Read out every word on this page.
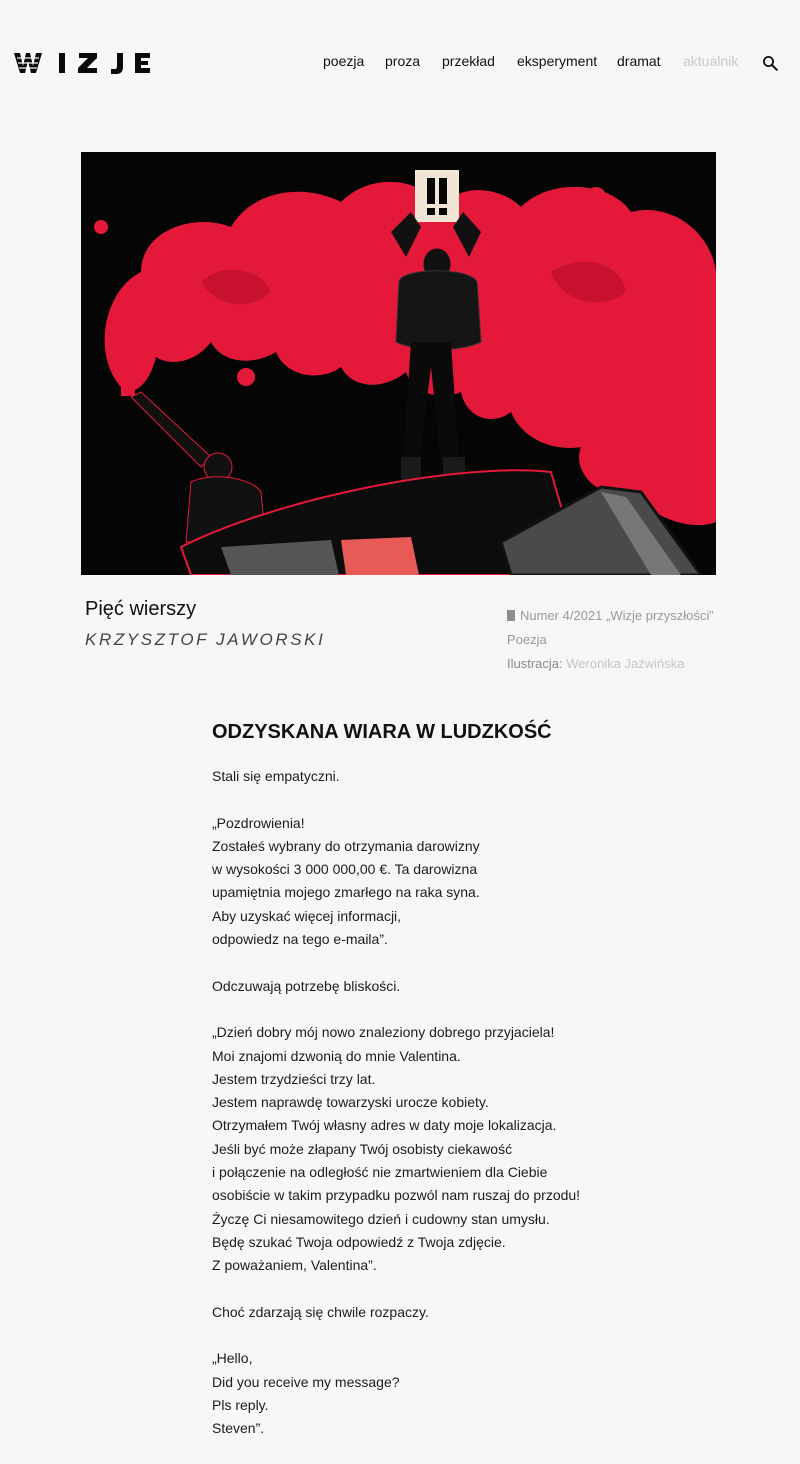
poezja proza przekład eksperyment dramat aktualnik
Pięć wierszy
KRZYSZTOF JAWORSKI
Numer 4/2021 „Wizje przyszłości”
Poezja
Ilustracja: Weronika Jaźwińska
ODZYSKANA WIARA W LUDZKOŚĆ
Stali się empatyczni.
„Pozdrowienia!
Zostałeś wybrany do otrzymania darowizny
w wysokości 3 000 000,00 €. Ta darowizna
upamiętnia mojego zmarłego na raka syna.
Aby uzyskać więcej informacji,
odpowiedz na tego e-maila”.
Odczuwają potrzebę bliskości.
„Dzień dobry mój nowo znaleziony dobrego przyjaciela!
Moi znajomi dzwonią do mnie Valentina.
Jestem trzydzieści trzy lat.
Jestem naprawdę towarzyski urocze kobiety.
Otrzymałem Twój własny adres w daty moje lokalizacja.
Jeśli być może złapany Twój osobisty ciekawość
i połączenie na odległość nie zmartwieniem dla Ciebie
osobiście w takim przypadku pozwól nam ruszaj do przodu!
Życzę Ci niesamowitego dzień i cudowny stan umysłu.
Będę szukać Twoja odpowiedź z Twoja zdjęcie.
Z poważaniem, Valentina”.
Choć zdarzają się chwile rozpaczy.
„Hello,
Did you receive my message?
Pls reply.
Steven”.
